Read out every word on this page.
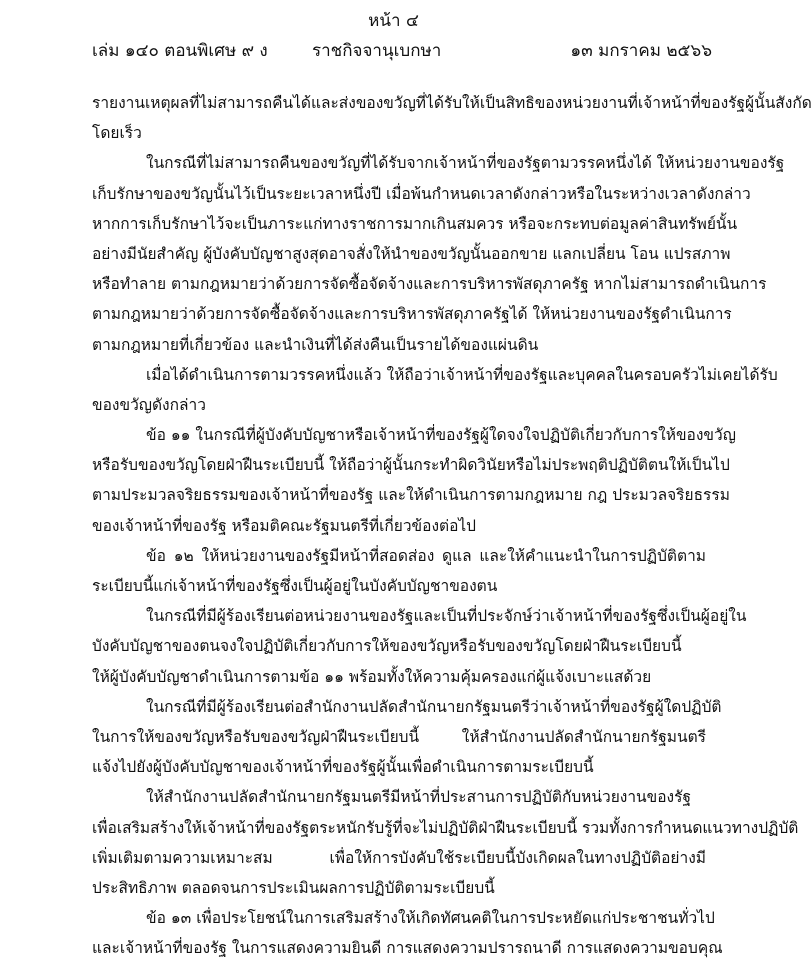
หน้า ๔
เล่ม ๑๔๐ ตอนพิเศษ ๙ ง	ราชกิจจานุเบกษา	๑๓ มกราคม ๒๕๖๖
รายงานเหตุผลที่ไม่สามารถคืนได้และส่งของขวัญที่ได้รับให้เป็นสิทธิของหน่วยงานที่เจ้าหน้าที่ของรัฐผู้นั้นสังกัด
โดยเร็ว
ในกรณีที่ไม่สามารถคืนของขวัญที่ได้รับจากเจ้าหน้าที่ของรัฐตามวรรคหนึ่งได้ ให้หน่วยงานของรัฐ
เก็บรักษาของขวัญนั้นไว้เป็นระยะเวลาหนึ่งปี เมื่อพ้นกำหนดเวลาดังกล่าวหรือในระหว่างเวลาดังกล่าว
หากการเก็บรักษาไว้จะเป็นภาระแก่ทางราชการมากเกินสมควร หรือจะกระทบต่อมูลค่าสินทรัพย์นั้น
อย่างมีนัยสำคัญ ผู้บังคับบัญชาสูงสุดอาจสั่งให้นำของขวัญนั้นออกขาย แลกเปลี่ยน โอน แปรสภาพ
หรือทำลาย ตามกฎหมายว่าด้วยการจัดซื้อจัดจ้างและการบริหารพัสดุภาครัฐ หากไม่สามารถดำเนินการ
ตามกฎหมายว่าด้วยการจัดซื้อจัดจ้างและการบริหารพัสดุภาครัฐได้ ให้หน่วยงานของรัฐดำเนินการ
ตามกฎหมายที่เกี่ยวข้อง และนำเงินที่ได้ส่งคืนเป็นรายได้ของแผ่นดิน
เมื่อได้ดำเนินการตามวรรคหนึ่งแล้ว ให้ถือว่าเจ้าหน้าที่ของรัฐและบุคคลในครอบครัวไม่เคยได้รับ
ของขวัญดังกล่าว
ข้อ ๑๑ ในกรณีที่ผู้บังคับบัญชาหรือเจ้าหน้าที่ของรัฐผู้ใดจงใจปฏิบัติเกี่ยวกับการให้ของขวัญ
หรือรับของขวัญโดยฝ่าฝืนระเบียบนี้ ให้ถือว่าผู้นั้นกระทำผิดวินัยหรือไม่ประพฤติปฏิบัติตนให้เป็นไป
ตามประมวลจริยธรรมของเจ้าหน้าที่ของรัฐ และให้ดำเนินการตามกฎหมาย กฎ ประมวลจริยธรรม
ของเจ้าหน้าที่ของรัฐ หรือมติคณะรัฐมนตรีที่เกี่ยวข้องต่อไป
ข้อ ๑๒ ให้หน่วยงานของรัฐมีหน้าที่สอดส่อง ดูแล และให้คำแนะนำในการปฏิบัติตาม
ระเบียบนี้แก่เจ้าหน้าที่ของรัฐซึ่งเป็นผู้อยู่ในบังคับบัญชาของตน
ในกรณีที่มีผู้ร้องเรียนต่อหน่วยงานของรัฐและเป็นที่ประจักษ์ว่าเจ้าหน้าที่ของรัฐซึ่งเป็นผู้อยู่ใน
บังคับบัญชาของตนจงใจปฏิบัติเกี่ยวกับการให้ของขวัญหรือรับของขวัญโดยฝ่าฝืนระเบียบนี้
ให้ผู้บังคับบัญชาดำเนินการตามข้อ ๑๑ พร้อมทั้งให้ความคุ้มครองแก่ผู้แจ้งเบาะแสด้วย
ในกรณีที่มีผู้ร้องเรียนต่อสำนักงานปลัดสำนักนายกรัฐมนตรีว่าเจ้าหน้าที่ของรัฐผู้ใดปฏิบัติ
ในการให้ของขวัญหรือรับของขวัญฝ่าฝืนระเบียบนี้ ให้สำนักงานปลัดสำนักนายกรัฐมนตรี
แจ้งไปยังผู้บังคับบัญชาของเจ้าหน้าที่ของรัฐผู้นั้นเพื่อดำเนินการตามระเบียบนี้
ให้สำนักงานปลัดสำนักนายกรัฐมนตรีมีหน้าที่ประสานการปฏิบัติกับหน่วยงานของรัฐ
เพื่อเสริมสร้างให้เจ้าหน้าที่ของรัฐตระหนักรับรู้ที่จะไม่ปฏิบัติฝ่าฝืนระเบียบนี้ รวมทั้งการกำหนดแนวทางปฏิบัติ
เพิ่มเติมตามความเหมาะสม เพื่อให้การบังคับใช้ระเบียบนี้บังเกิดผลในทางปฏิบัติอย่างมี
ประสิทธิภาพ ตลอดจนการประเมินผลการปฏิบัติตามระเบียบนี้
ข้อ ๑๓ เพื่อประโยชน์ในการเสริมสร้างให้เกิดทัศนคติในการประหยัดแก่ประชาชนทั่วไป
และเจ้าหน้าที่ของรัฐ ในการแสดงความยินดี การแสดงความปรารถนาดี การแสดงความขอบคุณ
